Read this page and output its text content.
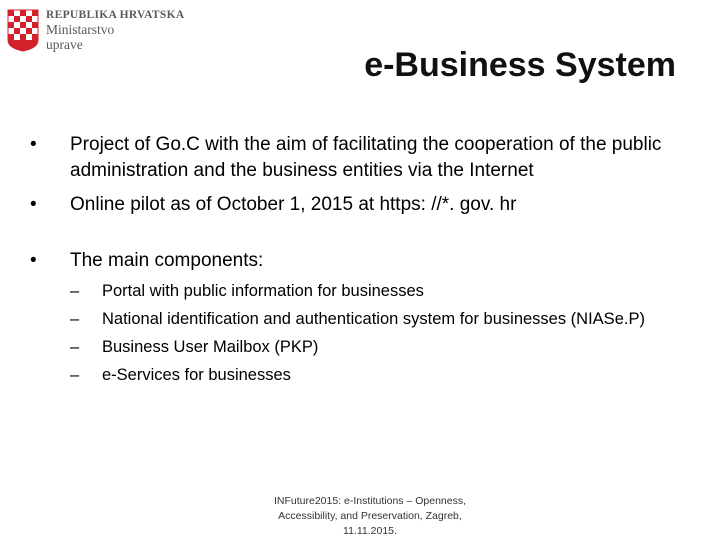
REPUBLIKA HRVATSKA
Ministarstvo
uprave
e-Business System
• Project of Go.C with the aim of facilitating the cooperation of the public administration and the business entities via the Internet
• Online pilot as of October 1, 2015 at https: //*. gov. hr
• The main components:
– Portal with public information for businesses
– National identification and authentication system for businesses (NIASe.P)
– Business User Mailbox (PKP)
– e-Services for businesses
INFuture2015: e-Institutions – Openness, Accessibility, and Preservation, Zagreb, 11.11.2015.
